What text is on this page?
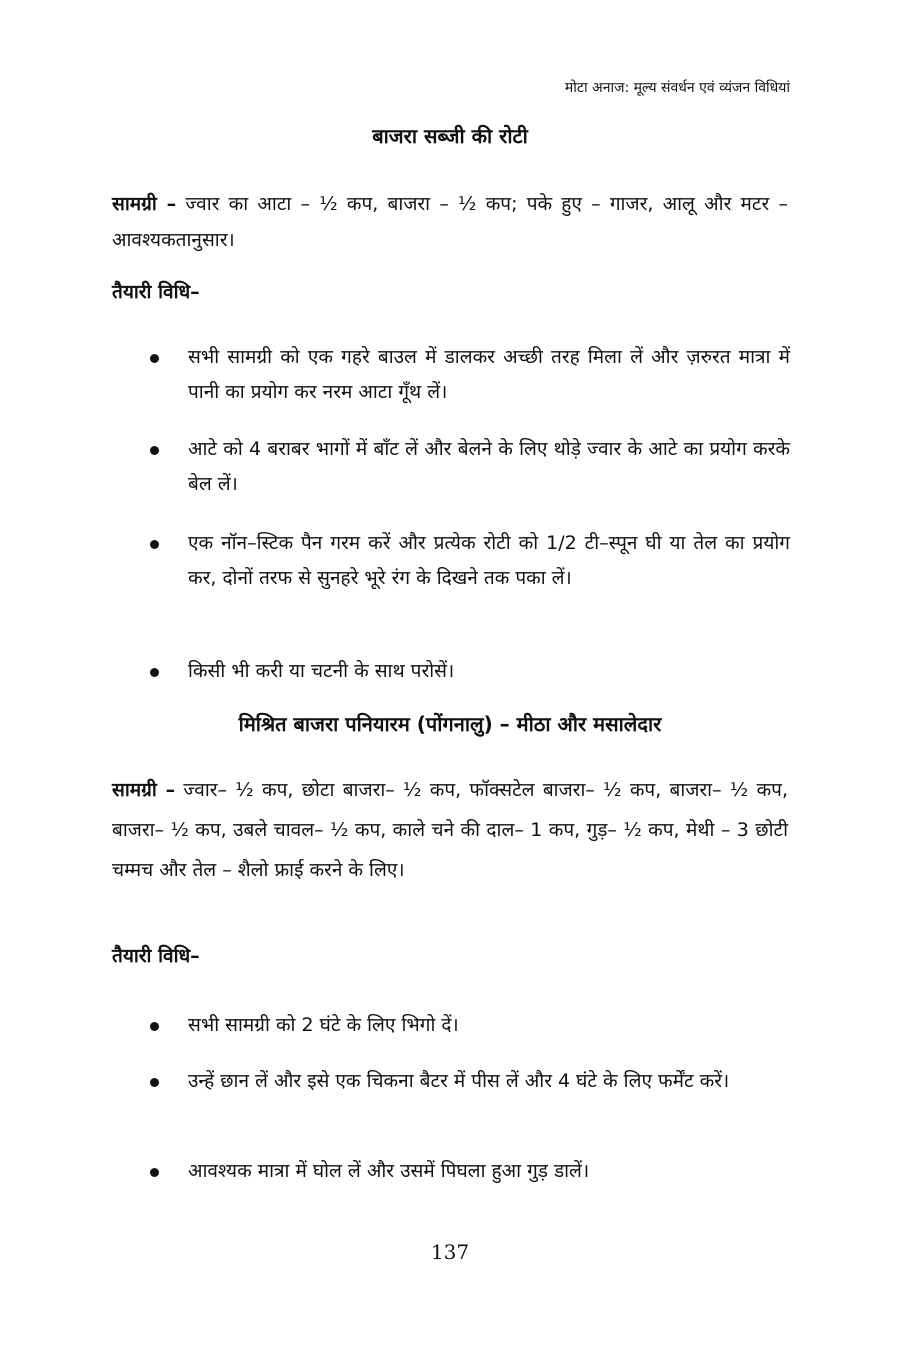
मोटा अनाज: मूल्य संवर्धन एवं व्यंजन विधियां
बाजरा सब्जी की रोटी
सामग्री – ज्वार का आटा – ½ कप, बाजरा – ½ कप; पके हुए – गाजर, आलू और मटर – आवश्यकतानुसार।
तैयारी विधि–
सभी सामग्री को एक गहरे बाउल में डालकर अच्छी तरह मिला लें और ज़रुरत मात्रा में पानी का प्रयोग कर नरम आटा गूँथ लें।
आटे को 4 बराबर भागों में बाँट लें और बेलने के लिए थोड़े ज्वार के आटे का प्रयोग करके बेल लें।
एक नॉन–स्टिक पैन गरम करें और प्रत्येक रोटी को 1/2 टी–स्पून घी या तेल का प्रयोग कर, दोनों तरफ से सुनहरे भूरे रंग के दिखने तक पका लें।
किसी भी करी या चटनी के साथ परोसें।
मिश्रित बाजरा पनियारम (पोंगनालु) – मीठा और मसालेदार
सामग्री – ज्वार– ½ कप, छोटा बाजरा– ½ कप, फॉक्सटेल बाजरा– ½ कप, बाजरा– ½ कप, बाजरा– ½ कप, उबले चावल– ½ कप, काले चने की दाल– 1 कप, गुड़– ½ कप, मेथी – 3 छोटी चम्मच और तेल – शैलो फ्राई करने के लिए।
तैयारी विधि–
सभी सामग्री को 2 घंटे के लिए भिगो दें।
उन्हें छान लें और इसे एक चिकना बैटर में पीस लें और 4 घंटे के लिए फर्मेंट करें।
आवश्यक मात्रा में घोल लें और उसमें पिघला हुआ गुड़ डालें।
137
